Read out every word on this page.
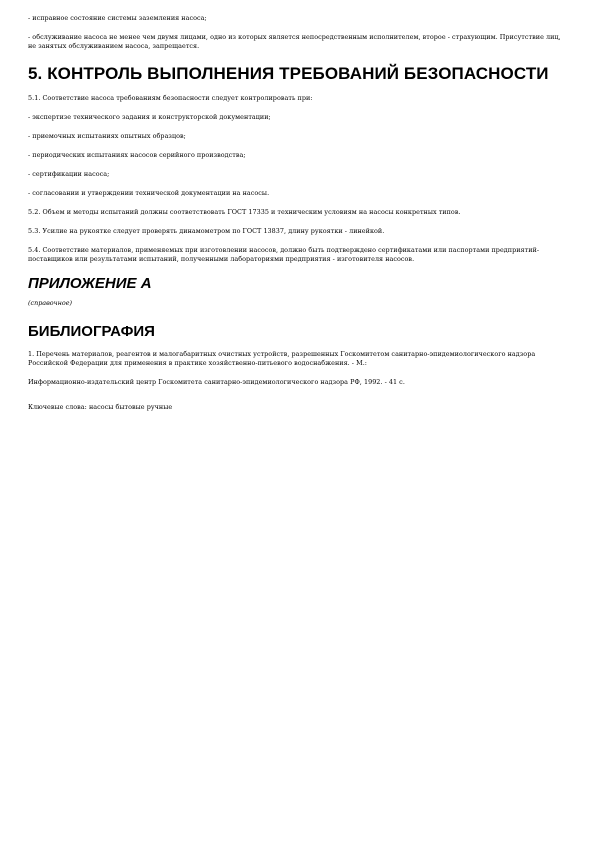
- исправное состояние системы заземления насоса;

- обслуживание насоса не менее чем двумя лицами, одно из которых является непосредственным исполнителем, второе - страхующим. Присутствие лиц, не занятых обслуживанием насоса, запрещается.

5. КОНТРОЛЬ ВЫПОЛНЕНИЯ ТРЕБОВАНИЙ БЕЗОПАСНОСТИ

5.1. Соответствие насоса требованиям безопасности следует контролировать при:

- экспертизе технического задания и конструкторской документации;

- приемочных испытаниях опытных образцов;

- периодических испытаниях насосов серийного производства;

- сертификации насоса;

- согласовании и утверждении технической документации на насосы.

5.2. Объем и методы испытаний должны соответствовать ГОСТ 17335 и техническим условиям на насосы конкретных типов.

5.3. Усилие на рукоятке следует проверять динамометром по ГОСТ 13837, длину рукоятки - линейкой.

5.4. Соответствие материалов, применяемых при изготовлении насосов, должно быть подтверждено сертификатами или паспортами предприятий-поставщиков или результатами испытаний, полученными лабораториями предприятия - изготовителя насосов.

ПРИЛОЖЕНИЕ А

(справочное)

БИБЛИОГРАФИЯ

1. Перечень материалов, реагентов и малогабаритных очистных устройств, разрешенных Госкомитетом санитарно-эпидемиологического надзора Российской Федерации для применения в практике хозяйственно-питьевого водоснабжения. - М.:

Информационно-издательский центр Госкомитета санитарно-эпидемиологического надзора РФ, 1992. - 41 с.

Ключевые слова: насосы бытовые ручные
